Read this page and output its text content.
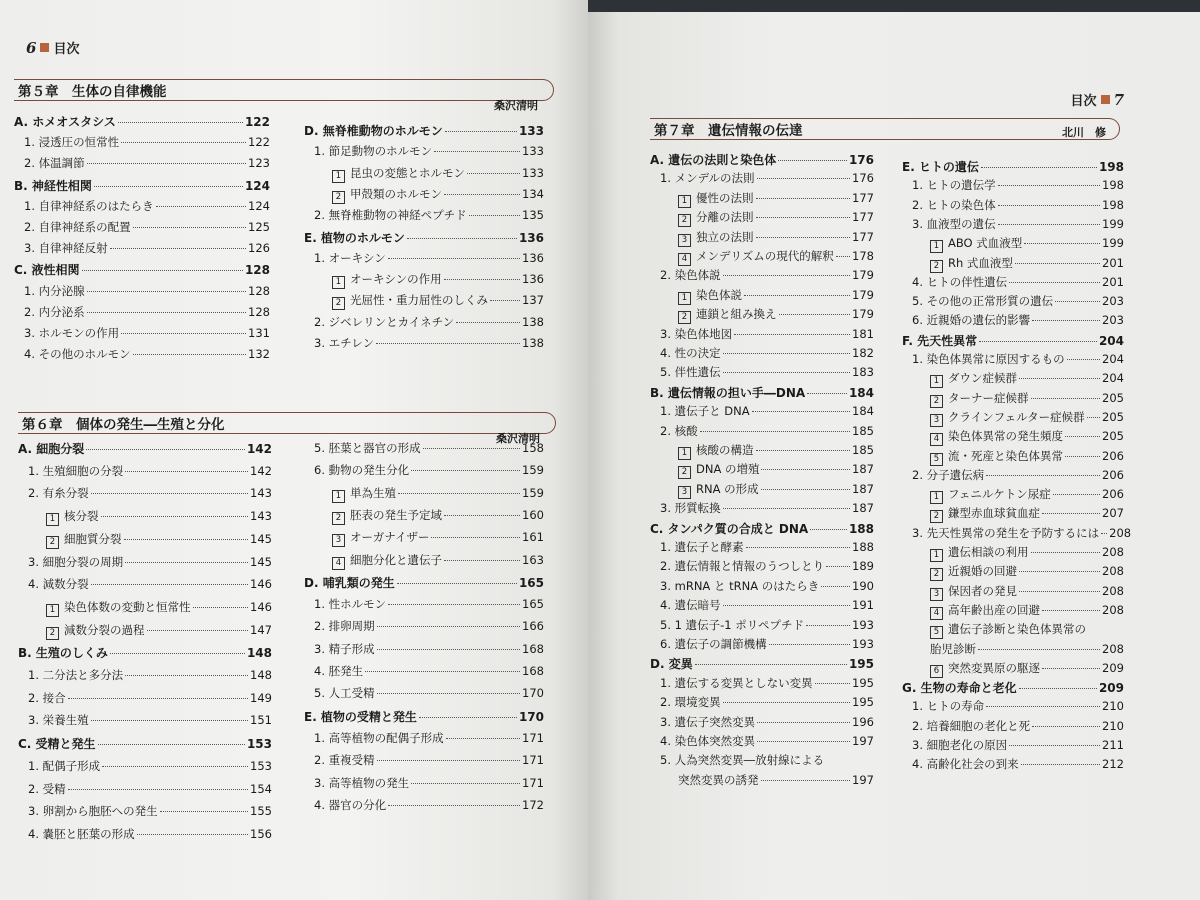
6 目次
第５章　生体の自律機能
桑沢清明
A. ホメオスタシス	122
1. 浸透圧の恒常性	122
2. 体温調節	123
B. 神経性相関	124
1. 自律神経系のはたらき	124
2. 自律神経系の配置	125
3. 自律神経反射	126
C. 液性相関	128
1. 内分泌腺	128
2. 内分泌系	128
3. ホルモンの作用	131
4. その他のホルモン	132
D. 無脊椎動物のホルモン	133
1. 節足動物のホルモン	133
1 昆虫の変態とホルモン	133
2 甲殻類のホルモン	134
2. 無脊椎動物の神経ペプチド	135
E. 植物のホルモン	136
1. オーキシン	136
1 オーキシンの作用	136
2 光屈性・重力屈性のしくみ	137
2. ジベレリンとカイネチン	138
3. エチレン	138
第６章　個体の発生―生殖と分化
桑沢清明
A. 細胞分裂	142
1. 生殖細胞の分裂	142
2. 有糸分裂	143
1 核分裂	143
2 細胞質分裂	145
3. 細胞分裂の周期	145
4. 減数分裂	146
1 染色体数の変動と恒常性	146
2 減数分裂の過程	147
B. 生殖のしくみ	148
1. 二分法と多分法	148
2. 接合	149
3. 栄養生殖	151
C. 受精と発生	153
1. 配偶子形成	153
2. 受精	154
3. 卵割から胞胚への発生	155
4. 嚢胚と胚葉の形成	156
5. 胚葉と器官の形成	158
6. 動物の発生分化	159
1 単為生殖	159
2 胚表の発生予定域	160
3 オーガナイザー	161
4 細胞分化と遺伝子	163
D. 哺乳類の発生	165
1. 性ホルモン	165
2. 排卵周期	166
3. 精子形成	168
4. 胚発生	168
5. 人工受精	170
E. 植物の受精と発生	170
1. 高等植物の配偶子形成	171
2. 重複受精	171
3. 高等植物の発生	171
4. 器官の分化	172
目次 7
第７章　遺伝情報の伝達	北川　修
A. 遺伝の法則と染色体	176
1. メンデルの法則	176
1 優性の法則	177
2 分離の法則	177
3 独立の法則	177
4 メンデリズムの現代的解釈 178
2. 染色体説	179
1 染色体説	179
2 連鎖と組み換え	179
3. 染色体地図	181
4. 性の決定	182
5. 伴性遺伝	183
B. 遺伝情報の担い手―DNA	184
1. 遺伝子と DNA	184
2. 核酸	185
1 核酸の構造	185
2 DNA の増殖	187
3 RNA の形成	187
3. 形質転換	187
C. タンパク質の合成と DNA	188
1. 遺伝子と酵素	188
2. 遺伝情報と情報のうつしとり 189
3. mRNA と tRNA のはたらき	190
4. 遺伝暗号	191
5. 1 遺伝子-1 ポリペプチド	193
6. 遺伝子の調節機構	193
D. 変異	195
1. 遺伝する変異としない変異	195
2. 環境変異	195
3. 遺伝子突然変異	196
4. 染色体突然変異	197
5. 人為突然変異―放射線による
突然変異の誘発	197
E. ヒトの遺伝	198
1. ヒトの遺伝学	198
2. ヒトの染色体	198
3. 血液型の遺伝	199
1 ABO 式血液型	199
2 Rh 式血液型	201
4. ヒトの伴性遺伝	201
5. その他の正常形質の遺伝	203
6. 近親婚の遺伝的影響	203
F. 先天性異常	204
1. 染色体異常に原因するもの	204
1 ダウン症候群	204
2 ターナー症候群	205
3 クラインフェルター症候群 205
4 染色体異常の発生頻度	205
5 流・死産と染色体異常	206
2. 分子遺伝病	206
1 フェニルケトン尿症	206
2 鎌型赤血球貧血症	207
3. 先天性異常の発生を予防するには 208
1 遺伝相談の利用	208
2 近親婚の回避	208
3 保因者の発見	208
4 高年齢出産の回避	208
5 遺伝子診断と染色体異常の
胎児診断	208
6 突然変異原の駆逐	209
G. 生物の寿命と老化	209
1. ヒトの寿命	210
2. 培養細胞の老化と死	210
3. 細胞老化の原因	211
4. 高齢化社会の到来	212
